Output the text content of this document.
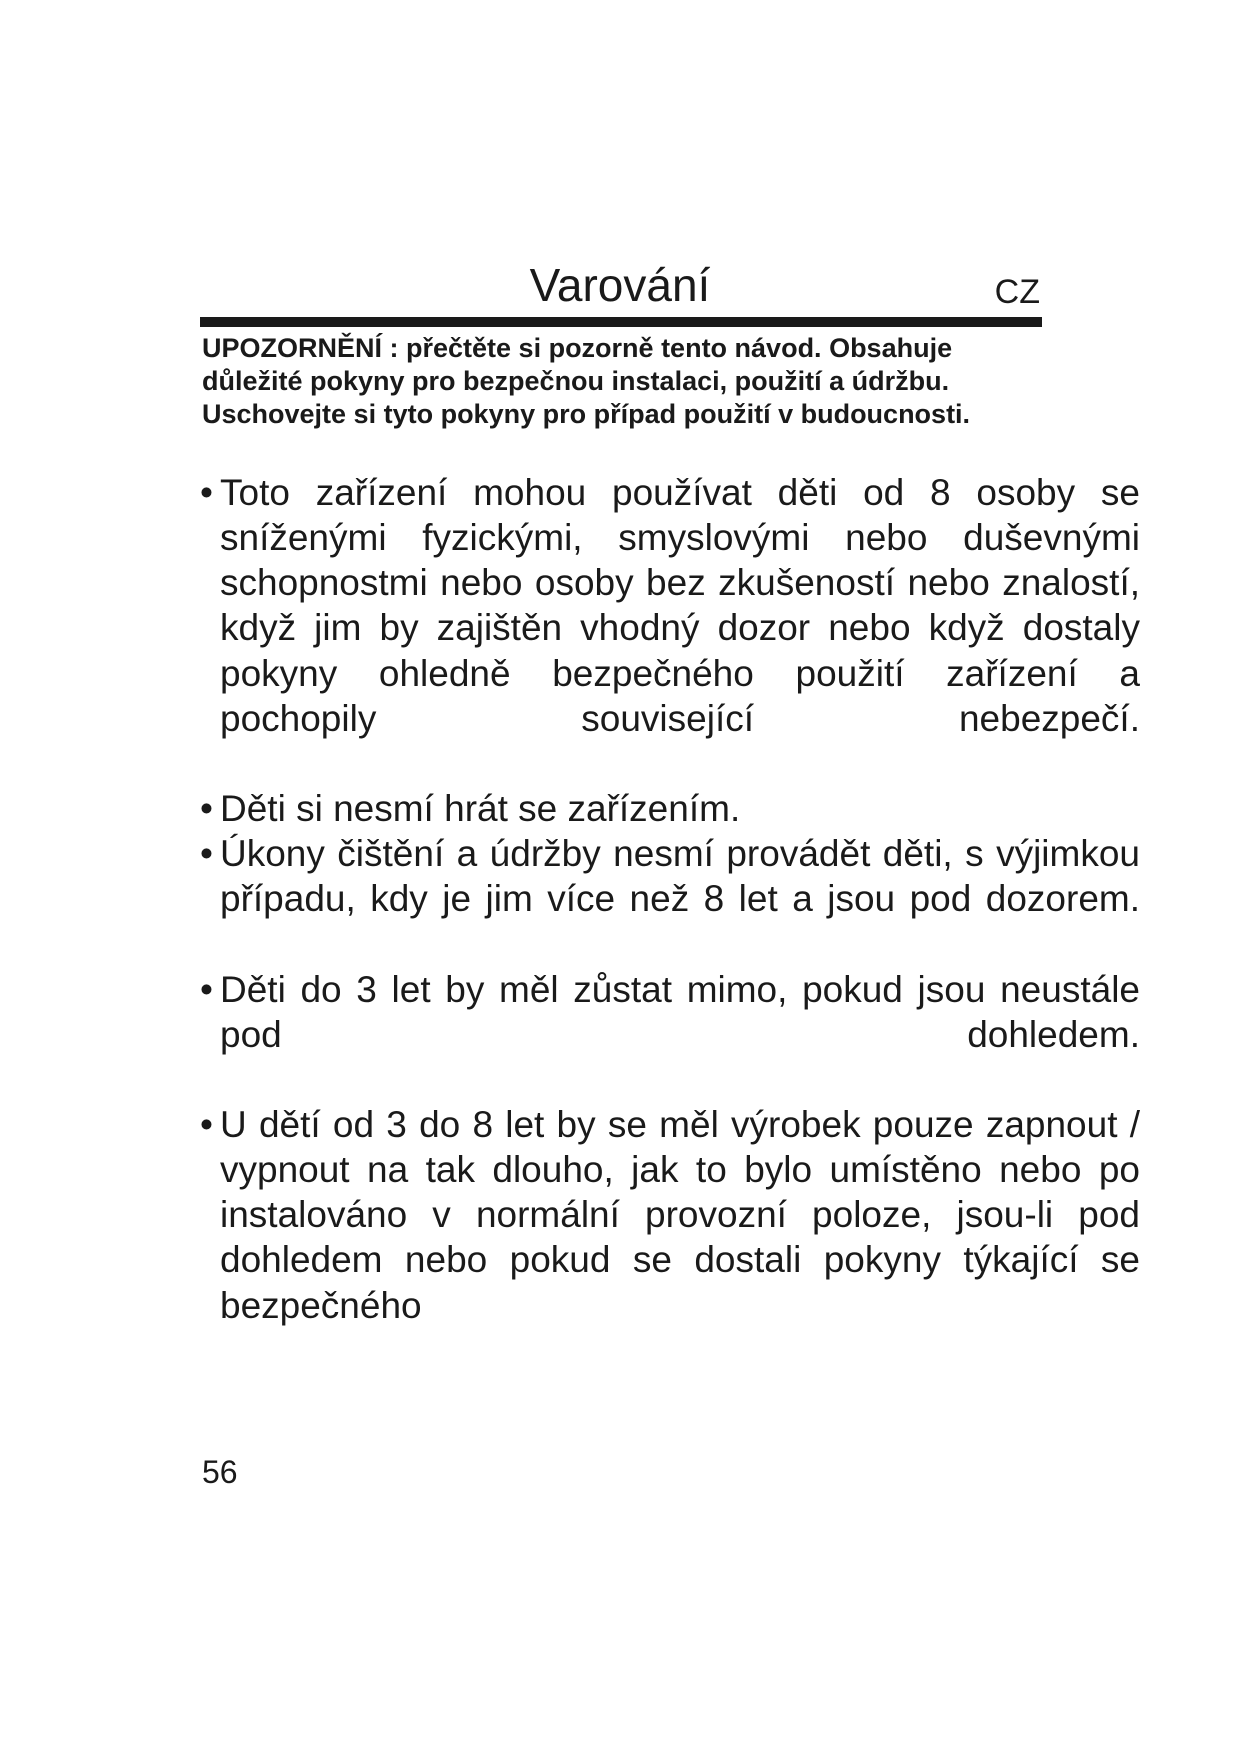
Varování	CZ

UPOZORNĚNÍ : přečtěte si pozorně tento návod. Obsahuje důležité pokyny pro bezpečnou instalaci, použití a údržbu.

Uschovejte si tyto pokyny pro případ použití v budoucnosti.

• Toto zařízení mohou používat děti od 8 osoby se sníženými fyzickými, smyslovými nebo duševnými schopnostmi nebo osoby bez zkušeností nebo znalostí, když jim by zajištěn vhodný dozor nebo když dostaly pokyny ohledně bezpečného použití zařízení a pochopily související nebezpečí.
• Děti si nesmí hrát se zařízením.
• Úkony čištění a údržby nesmí provádět děti, s výjimkou případu, kdy je jim více než 8 let a jsou pod dozorem.
• Děti do 3 let by měl zůstat mimo, pokud jsou neustále pod dohledem.
• U dětí od 3 do 8 let by se měl výrobek pouze zapnout / vypnout na tak dlouho, jak to bylo umístěno nebo po instalováno v normální provozní poloze, jsou-li pod dohledem nebo pokud se dostali pokyny týkající se bezpečného
56
